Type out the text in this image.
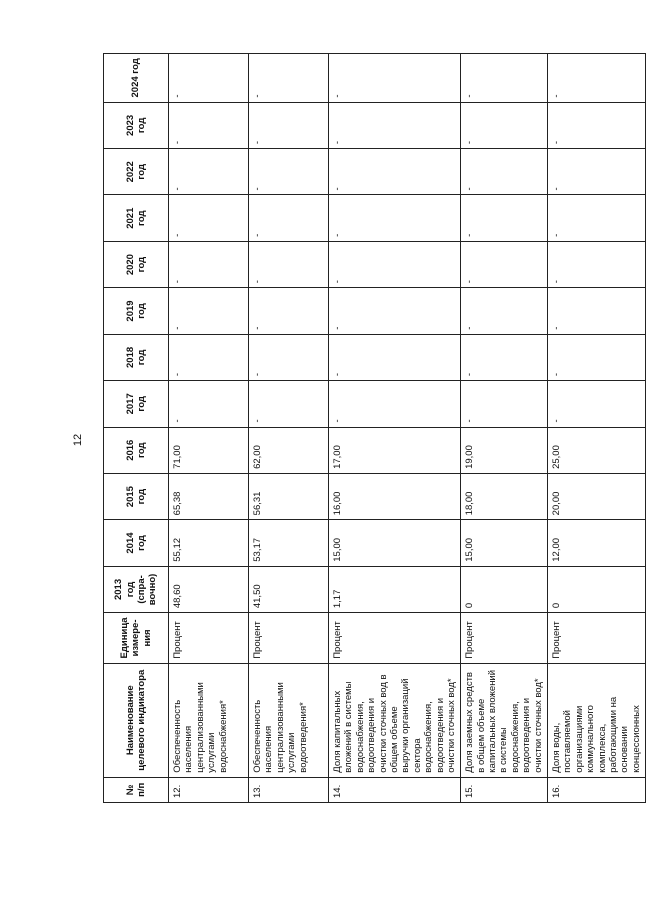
12
№ п/п	Наименование целевого индикатора	Единица измере-ния	2013 год (спра-вочно)	2014 год	2015 год	2016 год	2017 год	2018 год	2019 год	2020 год	2021 год	2022 год	2023 год	2024 год
12.	Обеспеченность населения централизованными услугами водоснабжения*	Процент	48,60	55,12	65,38	71,00	-	-	-	-	-	-	-	-
13.	Обеспеченность населения централизованными услугами водоотведения*	Процент	41,50	53,17	56,31	62,00	-	-	-	-	-	-	-	-
14.	Доля капитальных вложений в системы водоснабжения, водоотведения и очистки сточных вод в общем объеме выручки организаций сектора водоснабжения, водоотведения и очистки сточных вод*	Процент	1,17	15,00	16,00	17,00	-	-	-	-	-	-	-	-
15.	Доля заемных средств в общем объеме капитальных вложений в системы водоснабжения, водоотведения и очистки сточных вод*	Процент	0	15,00	18,00	19,00	-	-	-	-	-	-	-	-
16.	Доля воды, поставляемой организациями коммунального комплекса, работающими на основании концессионных	Процент	0	12,00	20,00	25,00	-	-	-	-	-	-	-	-
